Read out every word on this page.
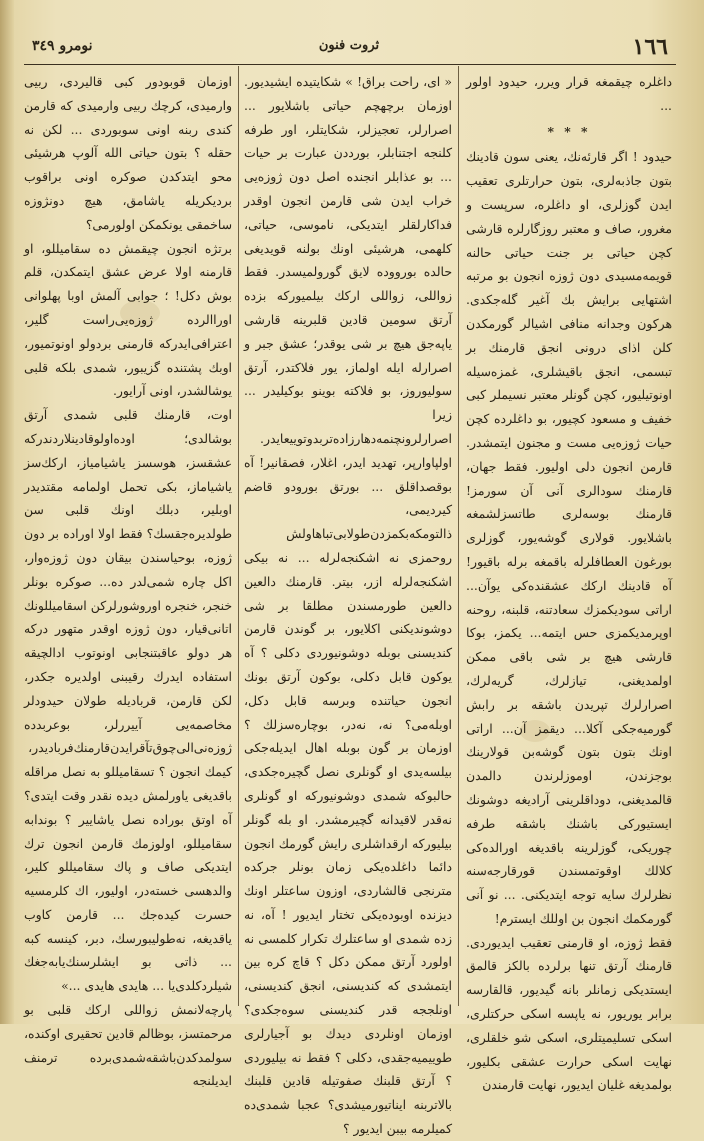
١٦٦
ثروت فنون
نومرو ٣٤٩

داغلره چیقمغه قرار ویرر، حیدود اولور ...

* * *

حیدود ! اگر قارئه‌نك، یعنی سون قادینك بتون جاذبه‌لری، بتون حرارتلری تعقیب ایدن گوزلری، او داغلره، سرپست و مغرور، صاف و معتبر روزگارلره قارشی کچن حیاتی بر جنت حیاتی حالنه قویمه‌مسیدی دون ژوزه انجون بو مرتبه اشتهایی برایش بك آغیر گله‌جکدی. هرکون وجدانه منافی اشیالر گورمکدن کلن اذای درونی انجق قارمنك بر تبسمی، انجق باقیشلری، غمزه‌سیله اونوتیلیور، کچن گونلر معتبر نسیملر کبی خفیف و مسعود کچیور، بو داغلرده کچن حیات ژوزه‌یی مست و مجنون ایتمشدر. قارمن انجون دلی اولیور. فقط جهان، قارمنك سودالری آنی آن سورمز! قارمنك بوسه‌لری طاتسزلشمغه باشلایور. قولاری گوشه‌یور، گوزلری بورغون العطافلرله باقمغه برله باقیور! آه قادینك اركك عشقنده‌كی یوآن... اراتی سودیکمزك سعادتنه، قلبنه، روحنه اوپرمدیکمزی حس ایتمه... یکمز، بوکا قارشی هیچ بر شی باقی ممکن اولمدیغنی، تیازلرك، گریه‌لرك، اصرارلرك تپریدن باشقه بر رابش گورمیه‌جکی آکلا... دیقمز آن... اراتی اونك بتون بتون گوشه‌بن قولارینك بوجزندن، اوموزلرندن دالمدن قالمدیغنی، دوداقلرینی آرادیغه دوشونك ایستیورکی باشنك باشقه طرفه چوریکی، گوزلرینه باقدیغه اورالده‌کی کلالك اوقوتمسندن قورقارجه‌سنه نظرلرك سایه توجه ایتدیکنی. ... نو آنی گورمكمك انجون بن اوللك ایسترم!

فقط ژوزه، او قارمنی تعقیب ایدیوردی. قارمنك آرتق تنها برلرده بالكز قالمق ایستدیکی زمانلر بانه گیدیور، قالقارسه برابر یوریور، نه یاپسه اسکی حرکتلری، اسکی تسلیمیتلری، اسکی شو خلقلری، نهایت اسکی حرارت عشقی بکلیور، بولمدیغه غلیان ایدیور، نهایت قارمندن

« ای، راحت براق! » شکایتیده ایشیدیور. اوزمان برچهچم حیاتی باشلایور ... اصرارلر، تعجیزلر، شکایتلر، اور طرفه کلنجه اجتنابلر، بورددن عبارت بر حیات ... بو عذابلر انجنده اصل دون ژوزه‌یی خراب ایدن شی قارمن انجون اوقدر فداکارلقلر ایتدیکی، ناموسی، حیاتی، کلهمی، هرشیئی اونك بولنه قویدیغی حالده بورووده لایق گورولمیسدر. فقط زواللی، زواللی اركك بیلمیورکه بزده آرتق سومین قادین قلبرینه قارشی یاپه‌جق هیچ بر شی یوقدر؛ عشق جبر و اصرارله ایله اولماز، یور فلاکتدر، آرتق سولیوروز، بو فلاکته بوینو بوکیلیدر ... زیرا اصرارلرونچنمه‌دهارزاده‌تربدوتوییعایدر. اولپاوارپر، تهدید ایدر، اغلار، فصقانیر! آه بوقصداقلق ... بورتق بورودو قاضم کیردیمی، ذالتومکه‌بکمزدن‌طولابی‌تباهاولش روحمزی نه اشکنجه‌لرله ... نه بیکی اشکنجه‌لرله ازر، بیتر. قارمنك دالعین دالعین طورمسندن مطلقا بر شی دوشوندیکنی اکلایور، بر گوندن قارمن کندیسنی بوبله دوشونیوردی دکلی ؟ آه یوکون قابل دکلی، بوکون آرتق بونك انجون حیاتنده وبرسه قابل دکل، اوبله‌می؟ نه، نه‌در، بوچاره‌سزلك ؟ اوزمان بر گون بوبله اهال ایدیله‌جکی بیلسه‌یدی او گونلری نصل گچیره‌جکدی، حالبوکه شمدی دوشونیورکه او گونلری نه‌قدر لاقیدانه گچیرمشدر. او بله گونلر بیلیورکه ارقداشلری رایش گورمك انجون دائما داغلده‌یکی زمان بونلر جرکده مترنجی قالشاردی، اوزون ساعتلر اونك دیزنده اوبوده‌یکی تختار ایدیور ! آه، نه زده شمدی او ساعتلرك تکرار کلمسی نه اولورد آرتق ممکن دکل ؟ قاچ کره بین ایتمشدی که کندیسنی، انجق کندیسنی، اونلججه قدر کندیسنی سوه‌جکدی؟ اوزمان اونلردی دیدك بو آجیارلرى طوییمیه‌جقدی، دکلی ؟ فقط نه بیلیوردی ؟ آرتق قلبنك صفوتیله قادین قلبنك بالاتربنه ایناتیورمیشدی؟ عجبا شمدی‌ده کمیلرمه بیبن ایدیور ؟

اوزمان قوبودور کبی قالیردی، ربیی وارمیدی، کرچك ربیی وارمیدی که قارمن کندی ربنه اونی سوبوردی ... لکن نه حقله ؟ بتون حیاتی الله آلوپ هرشیئی محو ایتدکدن صوکره اونی براقوب بردیکریله یاشامق، هیچ دونژوزه ساخمقی یونکمکن اولورمی؟

برتژه انجون چیقمش ده سقامیللو، او قارمنه اولا عرض عشق ایتمکدن، قلم بوش دکل! ؛ جوابی آلمش اوبا پهلوانی اوراالرده ژوزه‌یی‌راست گلیر، اعترافی‌ایدرکه قارمنی بردولو اونوتمیور، اوبك پشتنده گزیبور، شمدی بلکه قلبی یوشالشدر، اونی آرایور.

اوت، قارمنك قلبی شمدی آرتق بوشالدی؛ اوده‌اولوقادینلاردندرکه عشقسز، هوسسز یاشیامیاز، اركك‌سز یاشیاماز، بکی تحمل اولمامه مقتدیدر اوبلیر، دبلك اونك قلبی سن طولدیره‌جقسك؟ فقط اولا اوراده بر دون ژوزه، بوحیاسندن بیقان دون ژوزه‌وار، اكل چاره‌ شمی‌لدر ده... صوکره بونلر خنجر، خنجره اوروشورلرکن اسقامیللونك اتانی‌قیار، دون ژوزه اوقدر متهور درکه هر دولو عاقبتنجابی اونوتوب ادالچیقه استفاده ایدرك رقیبنی اولدیره جکدر، لكن قارمن، قربادیله طولان حیدودلر مخاصمه‌یی آییررلر، بوعربدده ژوزه‌نی‌الی‌چوق‌تآقرایدن‌قارمنك‌فربادیدر، كیمك انجون ؟ تسقامیللو به نصل مراقله باقدیغی یاورلمش دیده نقدر وقت ایتدی؟ آه اوتق بوراده نصل یاشاییر ؟ بوندابه سقامیللو، اولوزمك قارمن انجون ترك ایتدیکی صاف و پاك سقامیللو كلیر، والدهسی خسته‌در، اولیور، اك‌ کلرمسیه حسرت کیده‌جك ... قارمن کاوب یاقدیغه، نه‌طولیبورسك، دبر، کینسه‌ کبه ... ذاتی بو ایشلرسنك‌یابه‌جغك شیلرد‌کلدی‌یا ... هایدی هایدی ...»

پارچه‌لانمش زواللی ارکك قلبی بو مرحمتسز، بوظالم قادین تحقیری اوکنده، سولمدکدن‌باشقه‌شمدی‌برده‌ ترمنف ایدیلنجه
